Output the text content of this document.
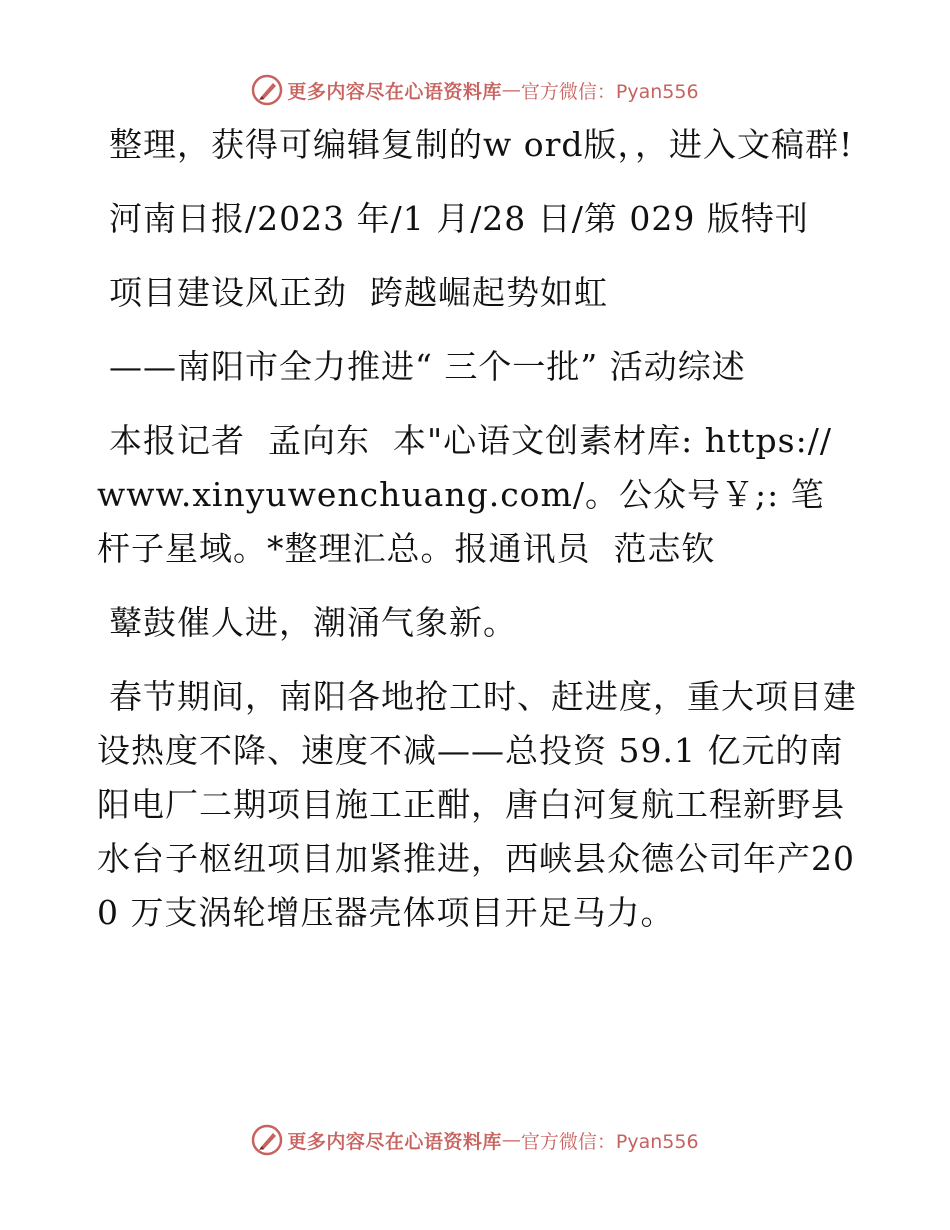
更多内容尽在心语资料库 — 官方微信：Pyan556

整理，获得可编辑复制的w ord版，，进入文稿群!

河南日报/2023 年/1 月/28 日/第 029 版特刊

项目建设风正劲  跨越崛起势如虹

——南阳市全力推进“ 三个一批” 活动综述

本报记者  孟向东  本"心语文创素材库: https://www.xinyuwenchuang.com/。公众号￥;: 笔杆子星域。*整理汇总。报通讯员  范志钦

鼙鼓催人进，潮涌气象新。

春节期间，南阳各地抢工时、赶进度，重大项目建设热度不降、速度不减——总投资 59.1 亿元的南阳电厂二期项目施工正酣，唐白河复航工程新野县水台子枢纽项目加紧推进，西峡县众德公司年产200 万支涡轮增压器壳体项目开足马力。

更多内容尽在心语资料库 — 官方微信：Pyan556
